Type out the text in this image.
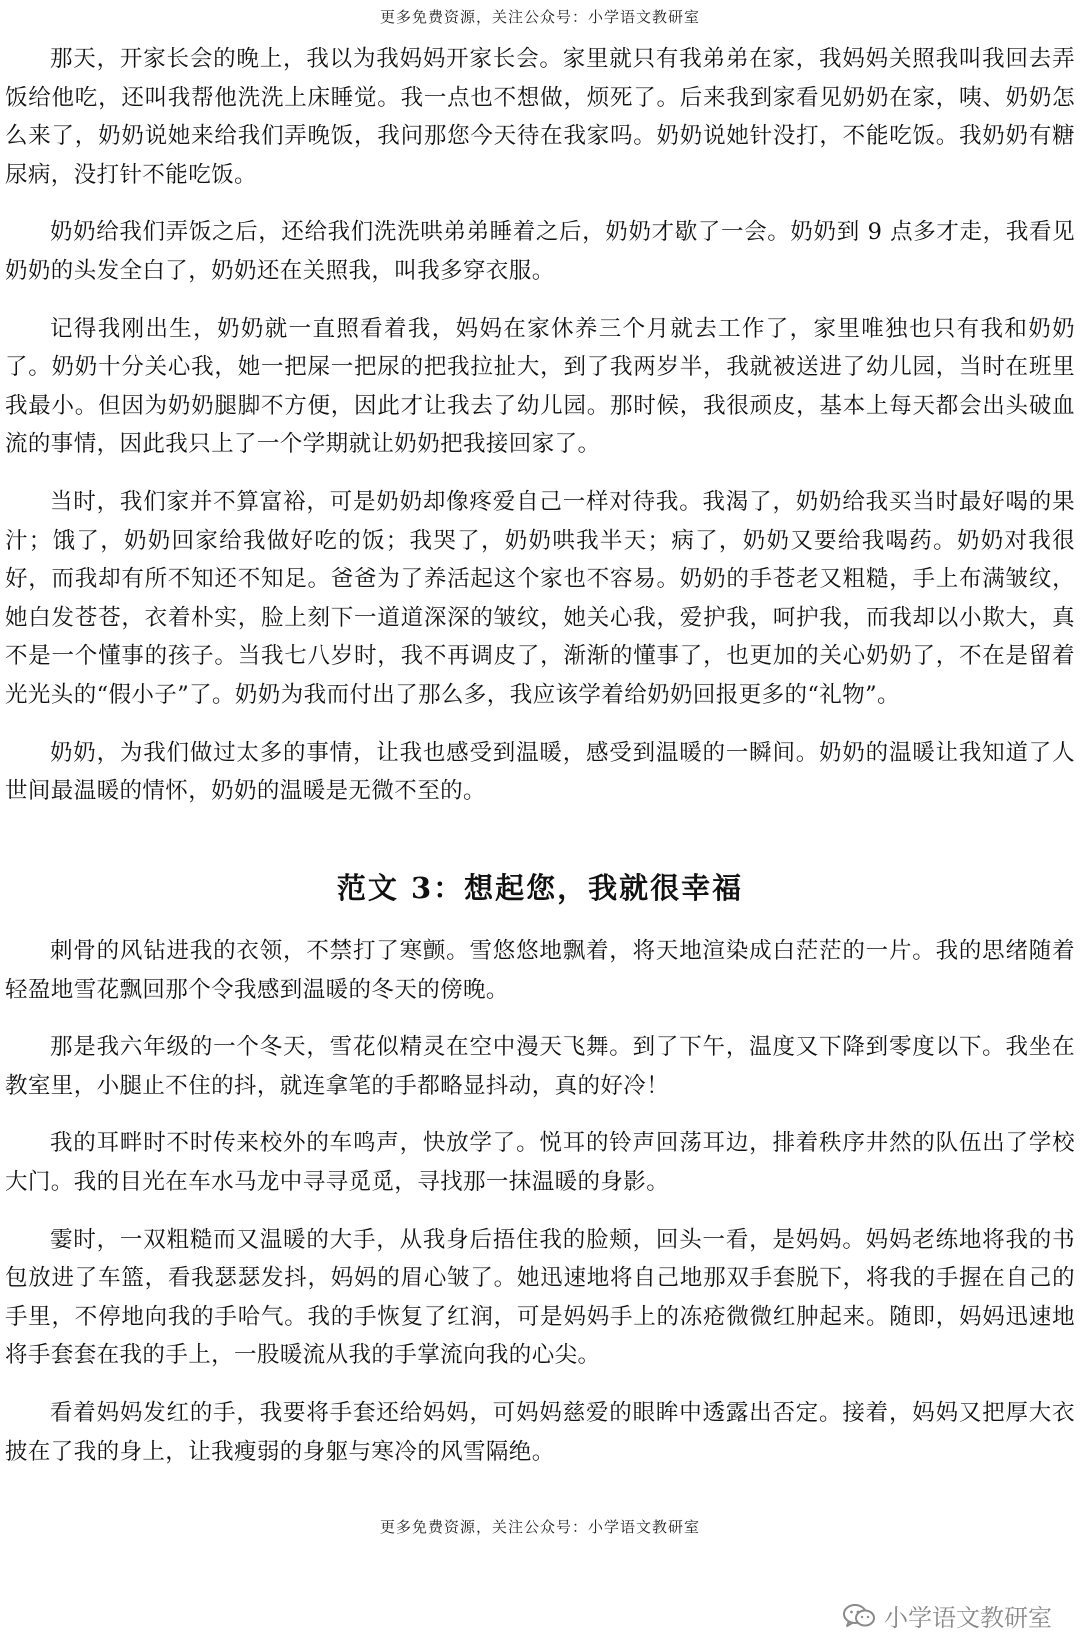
更多免费资源，关注公众号：小学语文教研室

那天，开家长会的晚上，我以为我妈妈开家长会。家里就只有我弟弟在家，我妈妈关照我叫我回去弄饭给他吃，还叫我帮他洗洗上床睡觉。我一点也不想做，烦死了。后来我到家看见奶奶在家，咦、奶奶怎么来了，奶奶说她来给我们弄晚饭，我问那您今天待在我家吗。奶奶说她针没打，不能吃饭。我奶奶有糖尿病，没打针不能吃饭。

奶奶给我们弄饭之后，还给我们洗洗哄弟弟睡着之后，奶奶才歇了一会。奶奶到 9 点多才走，我看见奶奶的头发全白了，奶奶还在关照我，叫我多穿衣服。

记得我刚出生，奶奶就一直照看着我，妈妈在家休养三个月就去工作了，家里唯独也只有我和奶奶了。奶奶十分关心我，她一把屎一把尿的把我拉扯大，到了我两岁半，我就被送进了幼儿园，当时在班里我最小。但因为奶奶腿脚不方便，因此才让我去了幼儿园。那时候，我很顽皮，基本上每天都会出头破血流的事情，因此我只上了一个学期就让奶奶把我接回家了。

当时，我们家并不算富裕，可是奶奶却像疼爱自己一样对待我。我渴了，奶奶给我买当时最好喝的果汁；饿了，奶奶回家给我做好吃的饭；我哭了，奶奶哄我半天；病了，奶奶又要给我喝药。奶奶对我很好，而我却有所不知还不知足。爸爸为了养活起这个家也不容易。奶奶的手苍老又粗糙，手上布满皱纹，她白发苍苍，衣着朴实，脸上刻下一道道深深的皱纹，她关心我，爱护我，呵护我，而我却以小欺大，真不是一个懂事的孩子。当我七八岁时，我不再调皮了，渐渐的懂事了，也更加的关心奶奶了，不在是留着光光头的“假小子”了。奶奶为我而付出了那么多，我应该学着给奶奶回报更多的“礼物”。

奶奶，为我们做过太多的事情，让我也感受到温暖，感受到温暖的一瞬间。奶奶的温暖让我知道了人世间最温暖的情怀，奶奶的温暖是无微不至的。

范文 3：想起您，我就很幸福

刺骨的风钻进我的衣领，不禁打了寒颤。雪悠悠地飘着，将天地渲染成白茫茫的一片。我的思绪随着轻盈地雪花飘回那个令我感到温暖的冬天的傍晚。

那是我六年级的一个冬天，雪花似精灵在空中漫天飞舞。到了下午，温度又下降到零度以下。我坐在教室里，小腿止不住的抖，就连拿笔的手都略显抖动，真的好冷！

我的耳畔时不时传来校外的车鸣声，快放学了。悦耳的铃声回荡耳边，排着秩序井然的队伍出了学校大门。我的目光在车水马龙中寻寻觅觅，寻找那一抹温暖的身影。

霎时，一双粗糙而又温暖的大手，从我身后捂住我的脸颊，回头一看，是妈妈。妈妈老练地将我的书包放进了车篮，看我瑟瑟发抖，妈妈的眉心皱了。她迅速地将自己地那双手套脱下，将我的手握在自己的手里，不停地向我的手哈气。我的手恢复了红润，可是妈妈手上的冻疮微微红肿起来。随即，妈妈迅速地将手套套在我的手上，一股暖流从我的手掌流向我的心尖。

看着妈妈发红的手，我要将手套还给妈妈，可妈妈慈爱的眼眸中透露出否定。接着，妈妈又把厚大衣披在了我的身上，让我瘦弱的身躯与寒冷的风雪隔绝。

更多免费资源，关注公众号：小学语文教研室
小学语文教研室
